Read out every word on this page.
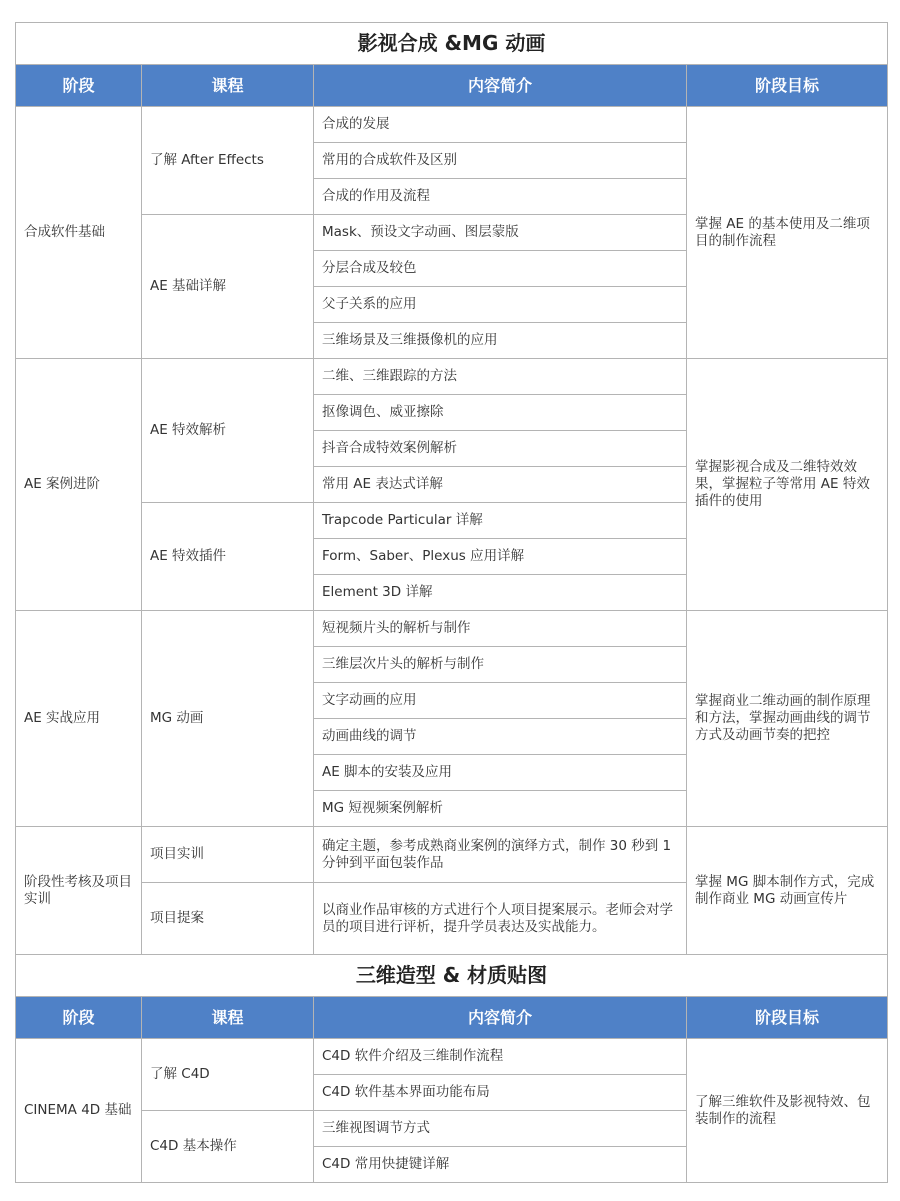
影视合成 &MG 动画			
阶段	课程	内容简介	阶段目标
合成软件基础	了解 After Effects	合成的发展	掌握 AE 的基本使用及二维项目的制作流程
		常用的合成软件及区别	
		合成的作用及流程	
	AE 基础详解	Mask、预设文字动画、图层蒙版	
		分层合成及较色	
		父子关系的应用	
		三维场景及三维摄像机的应用	
AE 案例进阶	AE 特效解析	二维、三维跟踪的方法	掌握影视合成及二维特效效果，掌握粒子等常用 AE 特效插件的使用
		抠像调色、威亚擦除	
		抖音合成特效案例解析	
		常用 AE 表达式详解	
	AE 特效插件	Trapcode Particular 详解	
		Form、Saber、Plexus 应用详解	
		Element 3D 详解	
AE 实战应用	MG 动画	短视频片头的解析与制作	掌握商业二维动画的制作原理和方法，掌握动画曲线的调节方式及动画节奏的把控
		三维层次片头的解析与制作	
		文字动画的应用	
		动画曲线的调节	
		AE 脚本的安装及应用	
		MG 短视频案例解析	
阶段性考核及项目实训	项目实训	确定主题，参考成熟商业案例的演绎方式，制作 30 秒到 1 分钟到平面包装作品	掌握 MG 脚本制作方式，完成制作商业 MG 动画宣传片
	项目提案	以商业作品审核的方式进行个人项目提案展示。老师会对学员的项目进行评析，提升学员表达及实战能力。	
三维造型 & 材质贴图			
阶段	课程	内容简介	阶段目标
CINEMA 4D 基础	了解 C4D	C4D 软件介绍及三维制作流程	了解三维软件及影视特效、包装制作的流程
		C4D 软件基本界面功能布局	
	C4D 基本操作	三维视图调节方式	
		C4D 常用快捷键详解	
